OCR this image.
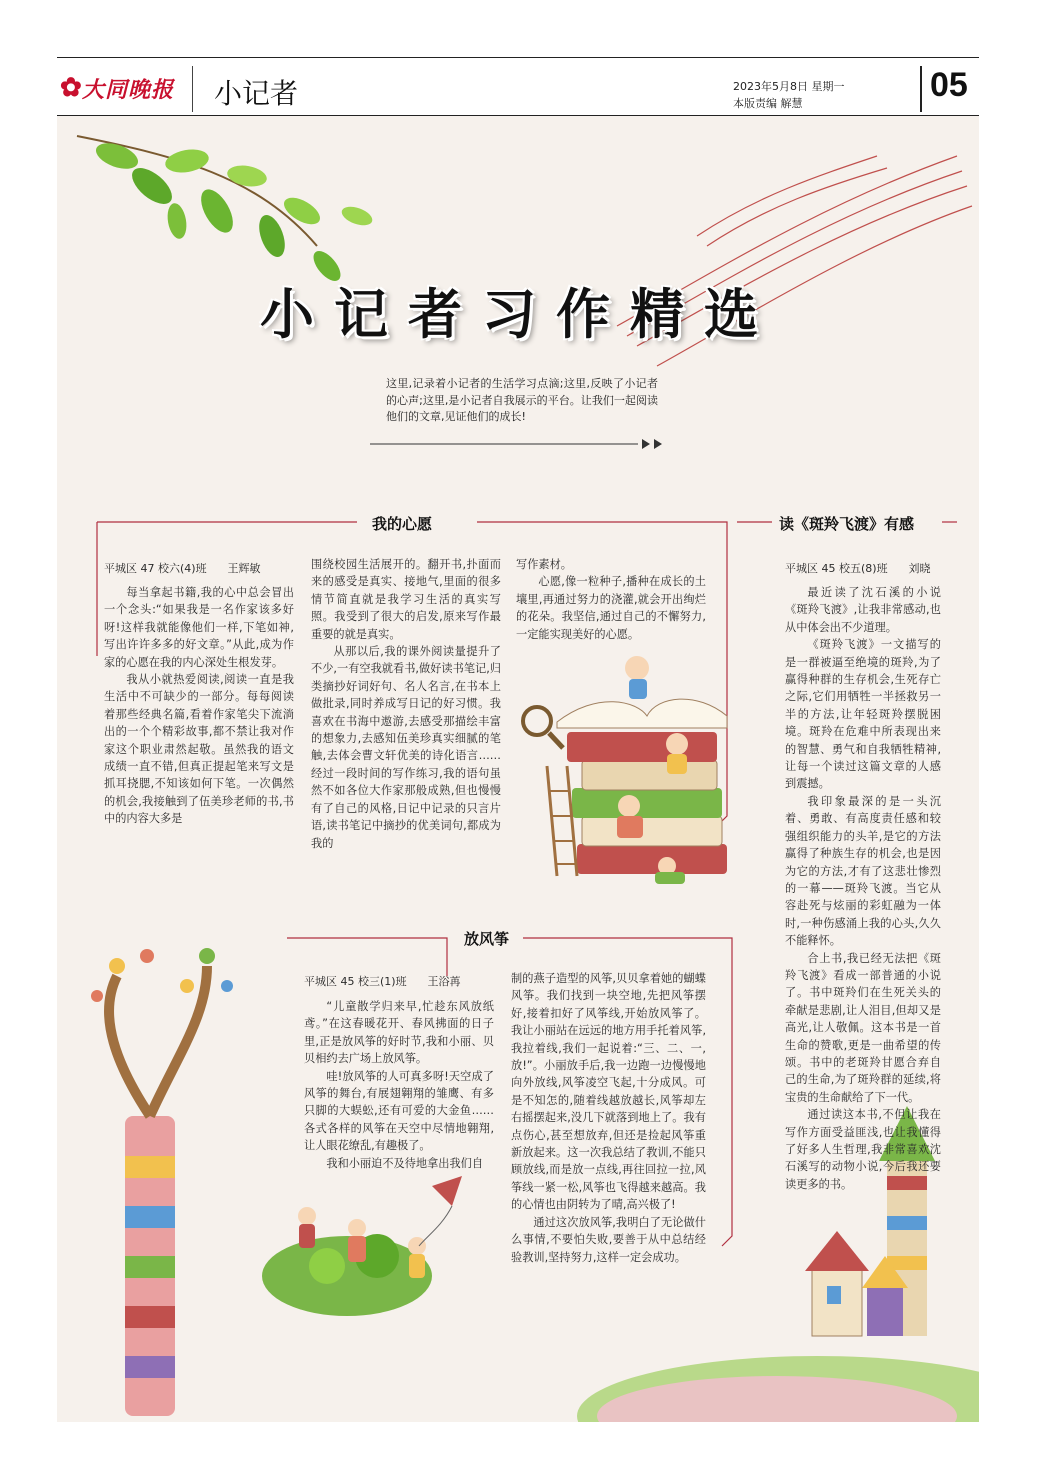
✿ 大同晚报 小记者	2023年5月8日 星期一
本版责编 解慧	05
小记者习作精选
这里,记录着小记者的生活学习点滴;这里,反映了小记者的心声;这里,是小记者自我展示的平台。让我们一起阅读他们的文章,见证他们的成长!
我的心愿
平城区 47 校六(4)班      王辉敏

每当拿起书籍,我的心中总会冒出一个念头:“如果我是一名作家该多好呀!这样我就能像他们一样,下笔如神,写出许许多多的好文章。”从此,成为作家的心愿在我的内心深处生根发芽。

我从小就热爱阅读,阅读一直是我生活中不可缺少的一部分。每每阅读着那些经典名篇,看着作家笔尖下流淌出的一个个精彩故事,都不禁让我对作家这个职业肃然起敬。虽然我的语文成绩一直不错,但真正提起笔来写文是抓耳挠腮,不知该如何下笔。一次偶然的机会,我接触到了伍美珍老师的书,书中的内容大多是

围绕校园生活展开的。翻开书,扑面而来的感受是真实、接地气,里面的很多情节简直就是我学习生活的真实写照。我受到了很大的启发,原来写作最重要的就是真实。

从那以后,我的课外阅读量提升了不少,一有空我就看书,做好读书笔记,归类摘抄好词好句、名人名言,在书本上做批录,同时养成写日记的好习惯。我喜欢在书海中遨游,去感受那描绘丰富的想象力,去感知伍美珍真实细腻的笔触,去体会曹文轩优美的诗化语言……经过一段时间的写作练习,我的语句虽然不如各位大作家那般成熟,但也慢慢有了自己的风格,日记中记录的只言片语,读书笔记中摘抄的优美词句,都成为我的

写作素材。

心愿,像一粒种子,播种在成长的土壤里,再通过努力的浇灌,就会开出绚烂的花朵。我坚信,通过自己的不懈努力,一定能实现美好的心愿。

放风筝
平城区 45 校三(1)班      王浴苒

“儿童散学归来早,忙趁东风放纸鸢。”在这春暖花开、春风拂面的日子里,正是放风筝的好时节,我和小丽、贝贝相约去广场上放风筝。

哇!放风筝的人可真多呀!天空成了风筝的舞台,有展翅翱翔的雏鹰、有多只脚的大蜈蚣,还有可爱的大金鱼……各式各样的风筝在天空中尽情地翱翔,让人眼花缭乱,有趣极了。

我和小丽迫不及待地拿出我们自

制的燕子造型的风筝,贝贝拿着她的蝴蝶风筝。我们找到一块空地,先把风筝摆好,接着扣好了风筝线,开始放风筝了。我让小丽站在远远的地方用手托着风筝,我拉着线,我们一起说着:“三、二、一,放!”。小丽放手后,我一边跑一边慢慢地向外放线,风筝凌空飞起,十分成风。可是不知怎的,随着线越放越长,风筝却左右摇摆起来,没几下就落到地上了。我有点伤心,甚至想放弃,但还是捡起风筝重新放起来。这一次我总结了教训,不能只顾放线,而是放一点线,再往回拉一拉,风筝线一紧一松,风筝也飞得越来越高。我的心情也由阴转为了晴,高兴极了!

通过这次放风筝,我明白了无论做什么事情,不要怕失败,要善于从中总结经验教训,坚持努力,这样一定会成功。

读《斑羚飞渡》有感
平城区 45 校五(8)班      刘晓

最近读了沈石溪的小说《斑羚飞渡》,让我非常感动,也从中体会出不少道理。

《斑羚飞渡》一文描写的是一群被逼至绝境的斑羚,为了赢得种群的生存机会,生死存亡之际,它们用牺牲一半拯救另一半的方法,让年轻斑羚摆脱困境。斑羚在危难中所表现出来的智慧、勇气和自我牺牲精神,让每一个读过这篇文章的人感到震撼。

我印象最深的是一头沉着、勇敢、有高度责任感和较强组织能力的头羊,是它的方法赢得了种族生存的机会,也是因为它的方法,才有了这悲壮惨烈的一幕——斑羚飞渡。当它从容赴死与炫丽的彩虹融为一体时,一种伤感涌上我的心头,久久不能释怀。

合上书,我已经无法把《斑羚飞渡》看成一部普通的小说了。书中斑羚们在生死关头的牵献是悲剧,让人泪目,但却又是高光,让人敬佩。这本书是一首生命的赞歌,更是一曲希望的传颂。书中的老斑羚甘愿合弃自己的生命,为了斑羚群的延续,将宝贵的生命献给了下一代。

通过读这本书,不但让我在写作方面受益匪浅,也让我懂得了好多人生哲理,我非常喜欢沈石溪写的动物小说,今后我还要读更多的书。
